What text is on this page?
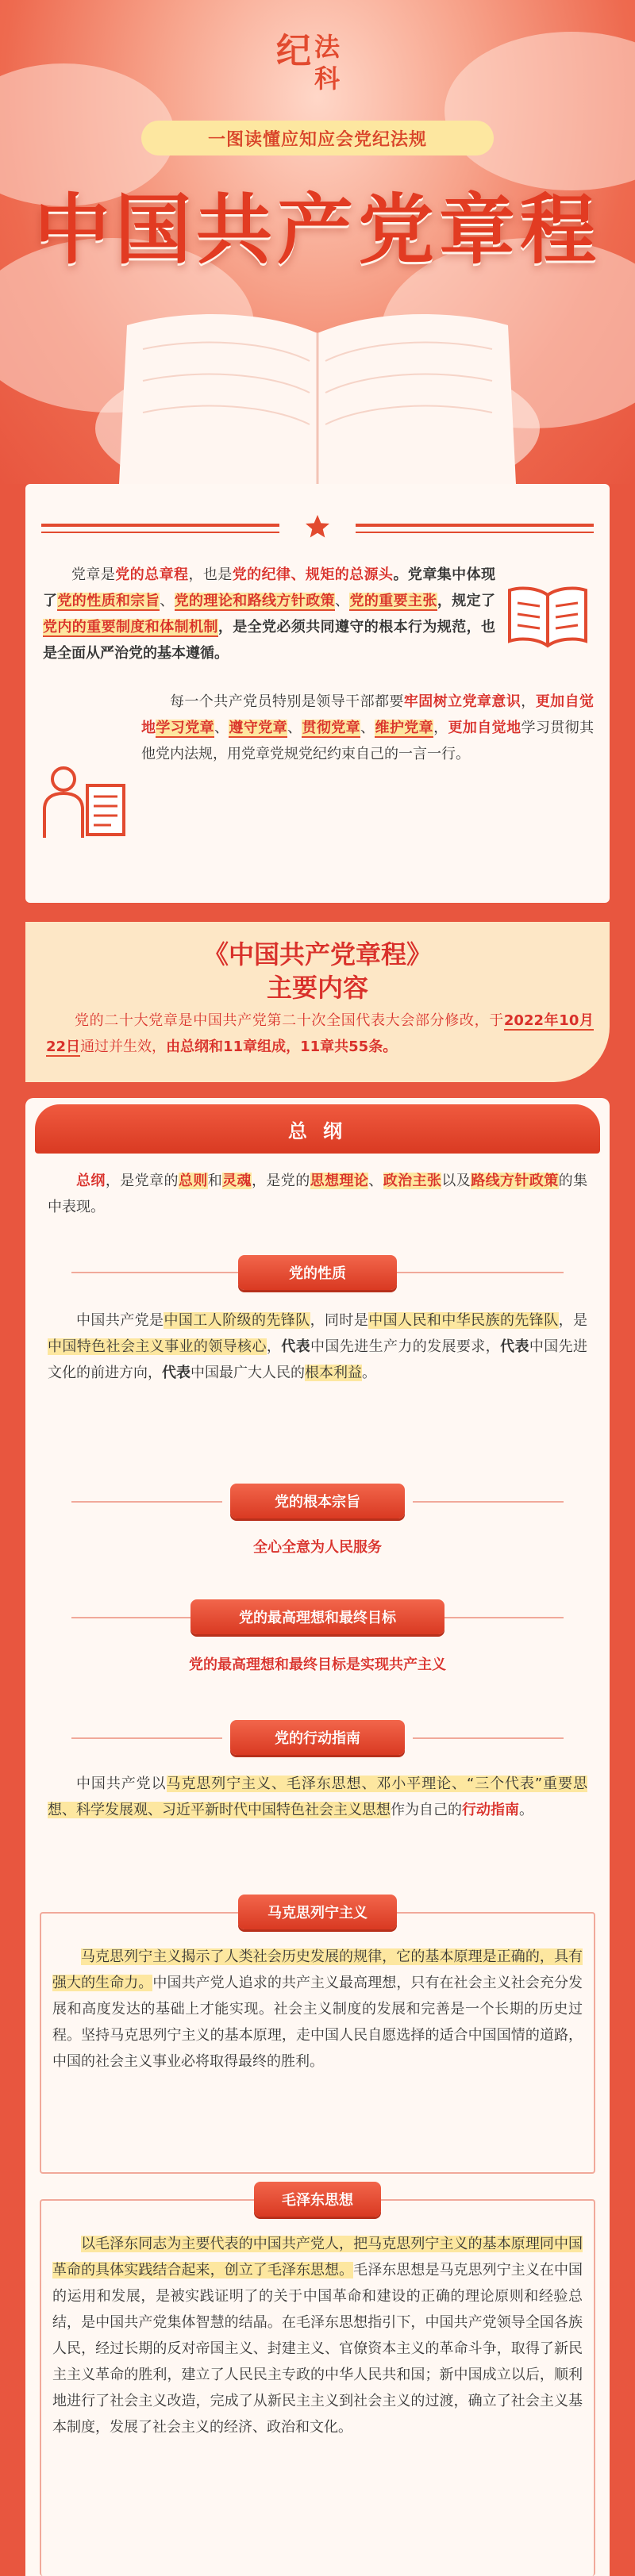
纪 法
科
一图读懂应知应会党纪法规
中国共产党章程
党章是党的总章程，也是党的纪律、规矩的总源头。党章集中体现了党的性质和宗旨、党的理论和路线方针政策、党的重要主张，规定了党内的重要制度和体制机制，是全党必须共同遵守的根本行为规范，也是全面从严治党的基本遵循。
每一个共产党员特别是领导干部都要牢固树立党章意识，更加自觉地学习党章、遵守党章、贯彻党章、维护党章，更加自觉地学习贯彻其他党内法规，用党章党规党纪约束自己的一言一行。
《中国共产党章程》
主要内容
党的二十大党章是中国共产党第二十次全国代表大会部分修改，于2022年10月22日通过并生效，由总纲和11章组成，11章共55条。
总 纲
总纲，是党章的总则和灵魂，是党的思想理论、政治主张以及路线方针政策的集中表现。
党的性质
中国共产党是中国工人阶级的先锋队，同时是中国人民和中华民族的先锋队，是中国特色社会主义事业的领导核心，代表中国先进生产力的发展要求，代表中国先进文化的前进方向，代表中国最广大人民的根本利益。
党的根本宗旨
全心全意为人民服务
党的最高理想和最终目标
党的最高理想和最终目标是实现共产主义
党的行动指南
中国共产党以马克思列宁主义、毛泽东思想、邓小平理论、“三个代表”重要思想、科学发展观、习近平新时代中国特色社会主义思想作为自己的行动指南。
马克思列宁主义
马克思列宁主义揭示了人类社会历史发展的规律，它的基本原理是正确的，具有强大的生命力。中国共产党人追求的共产主义最高理想，只有在社会主义社会充分发展和高度发达的基础上才能实现。社会主义制度的发展和完善是一个长期的历史过程。坚持马克思列宁主义的基本原理，走中国人民自愿选择的适合中国国情的道路，中国的社会主义事业必将取得最终的胜利。
毛泽东思想
以毛泽东同志为主要代表的中国共产党人，把马克思列宁主义的基本原理同中国革命的具体实践结合起来，创立了毛泽东思想。毛泽东思想是马克思列宁主义在中国的运用和发展，是被实践证明了的关于中国革命和建设的正确的理论原则和经验总结，是中国共产党集体智慧的结晶。在毛泽东思想指引下，中国共产党领导全国各族人民，经过长期的反对帝国主义、封建主义、官僚资本主义的革命斗争，取得了新民主主义革命的胜利，建立了人民民主专政的中华人民共和国；新中国成立以后，顺利地进行了社会主义改造，完成了从新民主主义到社会主义的过渡，确立了社会主义基本制度，发展了社会主义的经济、政治和文化。
